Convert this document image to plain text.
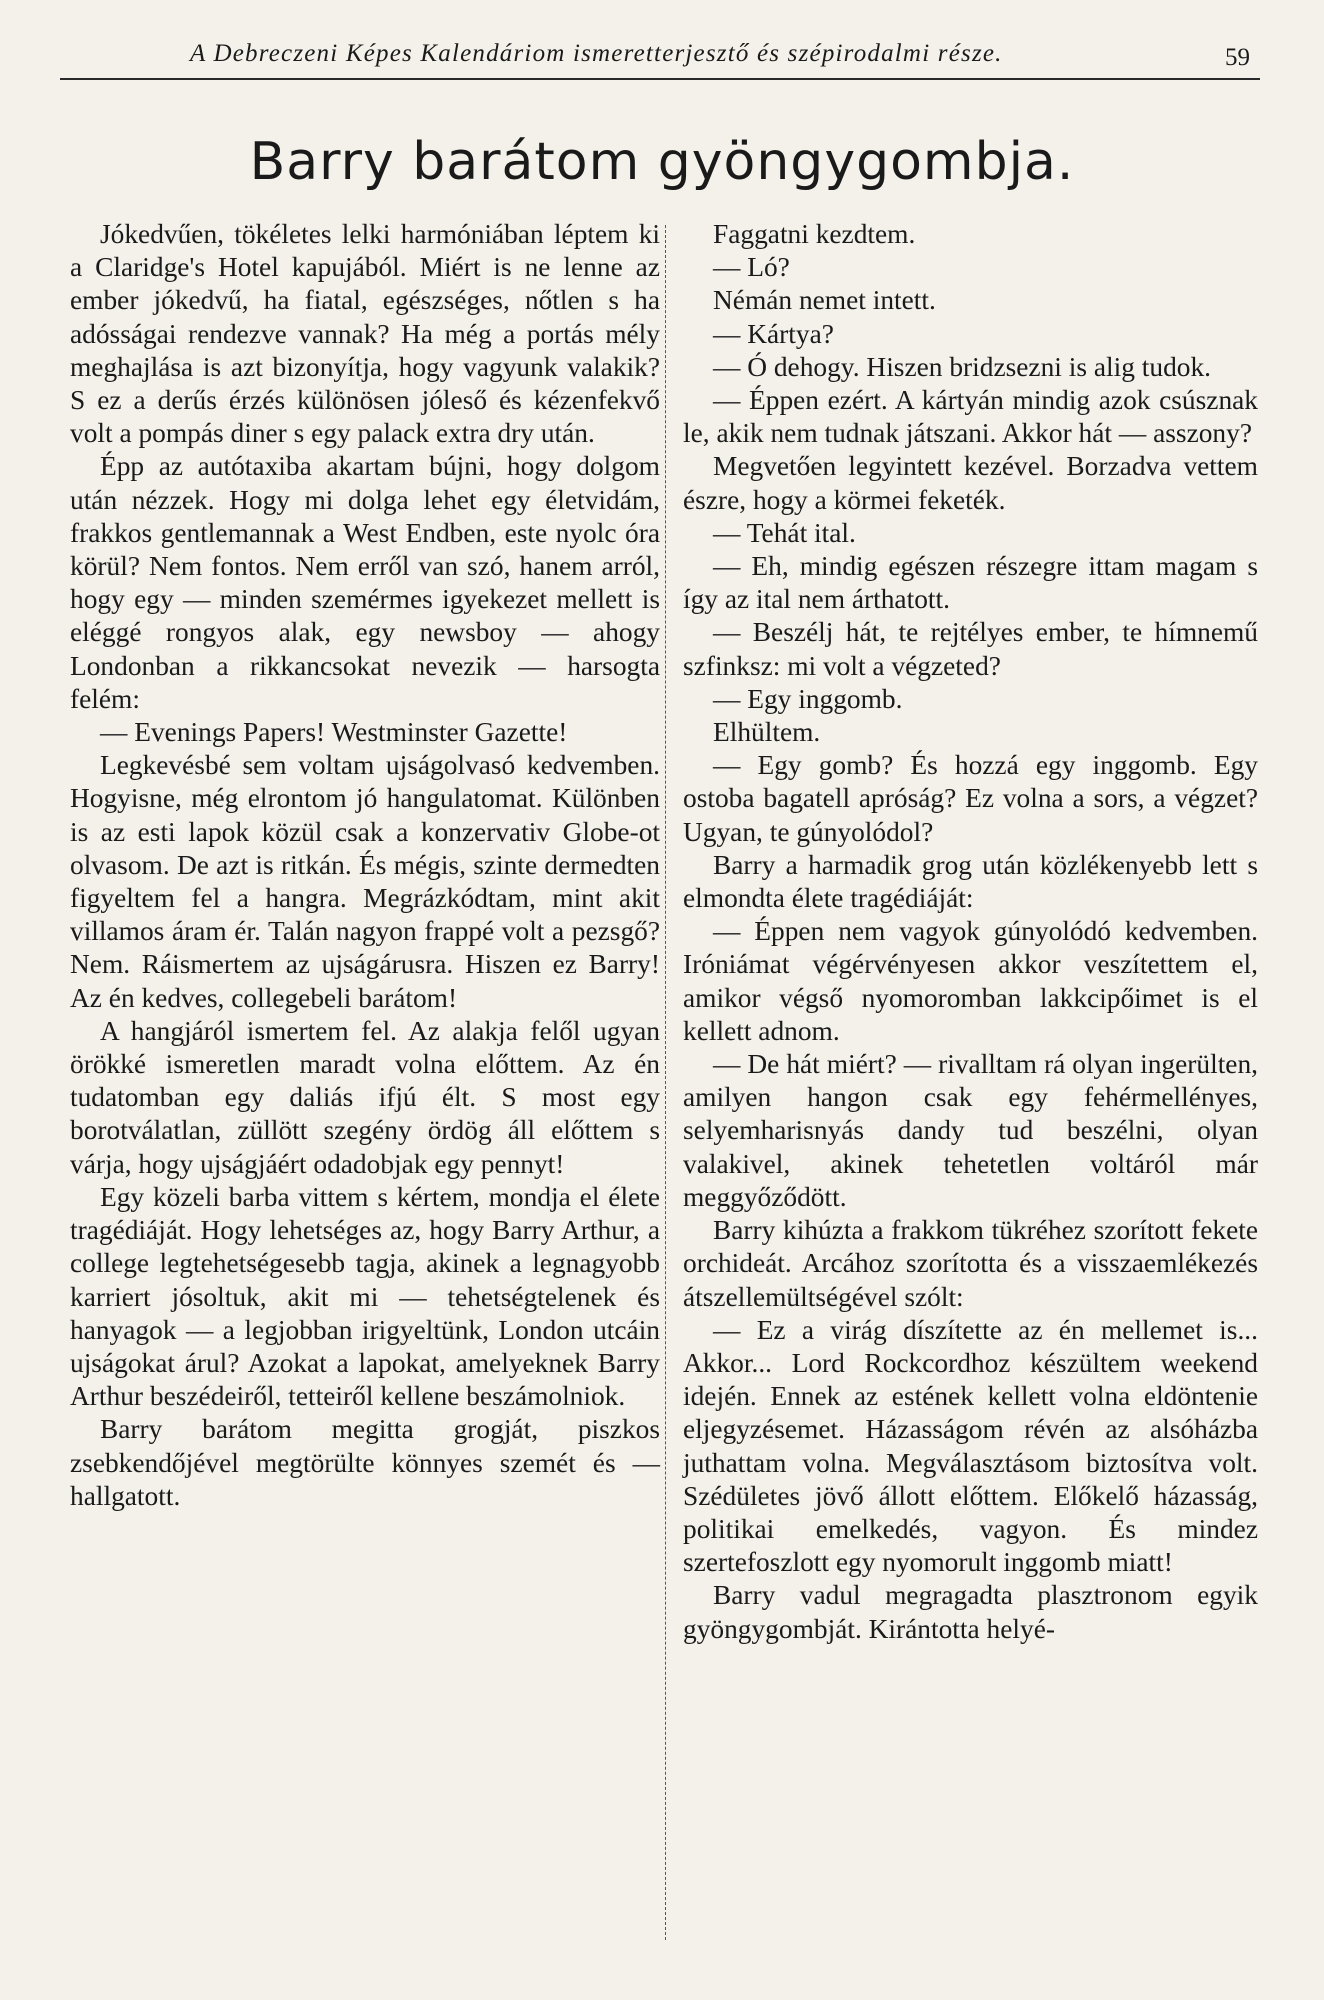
A Debreczeni Képes Kalendáriom ismeretterjesztő és szépirodalmi része.	59
Barry barátom gyöngygombja.

Jókedvűen, tökéletes lelki harmóniában léptem ki a Claridge's Hotel kapujából. Miért is ne lenne az ember jókedvű, ha fiatal, egészséges, nőtlen s ha adósságai rendezve vannak? Ha még a portás mély meghajlása is azt bizonyítja, hogy vagyunk valakik? S ez a derűs érzés különösen jóleső és kézenfekvő volt a pompás diner s egy palack extra dry után.

Épp az autótaxiba akartam bújni, hogy dolgom után nézzek. Hogy mi dolga lehet egy életvidám, frakkos gentlemannak a West Endben, este nyolc óra körül? Nem fontos. Nem erről van szó, hanem arról, hogy egy — minden szemérmes igyekezet mellett is eléggé rongyos alak, egy newsboy — ahogy Londonban a rikkancsokat nevezik — harsogta felém:

— Evenings Papers! Westminster Gazette!

Legkevésbé sem voltam ujságolvasó kedvemben. Hogyisne, még elrontom jó hangulatomat. Különben is az esti lapok közül csak a konzervativ Globe-ot olvasom. De azt is ritkán. És mégis, szinte dermedten figyeltem fel a hangra. Megrázkódtam, mint akit villamos áram ér. Talán nagyon frappé volt a pezsgő? Nem. Ráismertem az ujságárusra. Hiszen ez Barry! Az én kedves, collegebeli barátom!

A hangjáról ismertem fel. Az alakja felől ugyan örökké ismeretlen maradt volna előttem. Az én tudatomban egy daliás ifjú élt. S most egy borotválatlan, züllött szegény ördög áll előttem s várja, hogy ujságjáért odadobjak egy pennyt!

Egy közeli barba vittem s kértem, mondja el élete tragédiáját. Hogy lehetséges az, hogy Barry Arthur, a college legtehetségesebb tagja, akinek a legnagyobb karriert jósoltuk, akit mi — tehetségtelenek és hanyagok — a legjobban irigyeltünk, London utcáin ujságokat árul? Azokat a lapokat, amelyeknek Barry Arthur beszédeiről, tetteiről kellene beszámolniok.

Barry barátom megitta grogját, piszkos zsebkendőjével megtörülte könnyes szemét és — hallgatott.

Faggatni kezdtem.

— Ló?

Némán nemet intett.

— Kártya?

— Ó dehogy. Hiszen bridzsezni is alig tudok.

— Éppen ezért. A kártyán mindig azok csúsznak le, akik nem tudnak játszani. Akkor hát — asszony?

Megvetően legyintett kezével. Borzadva vettem észre, hogy a körmei feketék.

— Tehát ital.

— Eh, mindig egészen részegre ittam magam s így az ital nem árthatott.

— Beszélj hát, te rejtélyes ember, te hímnemű szfinksz: mi volt a végzeted?

— Egy inggomb.

Elhültem.

— Egy gomb? És hozzá egy inggomb. Egy ostoba bagatell apróság? Ez volna a sors, a végzet? Ugyan, te gúnyolódol?

Barry a harmadik grog után közlékenyebb lett s elmondta élete tragédiáját:

— Éppen nem vagyok gúnyolódó kedvemben. Iróniámat végérvényesen akkor veszítettem el, amikor végső nyomoromban lakkcipőimet is el kellett adnom.

— De hát miért? — rivalltam rá olyan ingerülten, amilyen hangon csak egy fehérmellényes, selyemharisnyás dandy tud beszélni, olyan valakivel, akinek tehetetlen voltáról már meggyőződött.

Barry kihúzta a frakkom tükréhez szorított fekete orchideát. Arcához szorította és a visszaemlékezés átszellemültségével szólt:

— Ez a virág díszítette az én mellemet is... Akkor... Lord Rockcordhoz készültem weekend idején. Ennek az estének kellett volna eldöntenie eljegyzésemet. Házasságom révén az alsóházba juthattam volna. Megválasztásom biztosítva volt. Szédületes jövő állott előttem. Előkelő házasság, politikai emelkedés, vagyon. És mindez szertefoszlott egy nyomorult inggomb miatt!

Barry vadul megragadta plasztronom egyik gyöngygombját. Kirántotta helyé-
